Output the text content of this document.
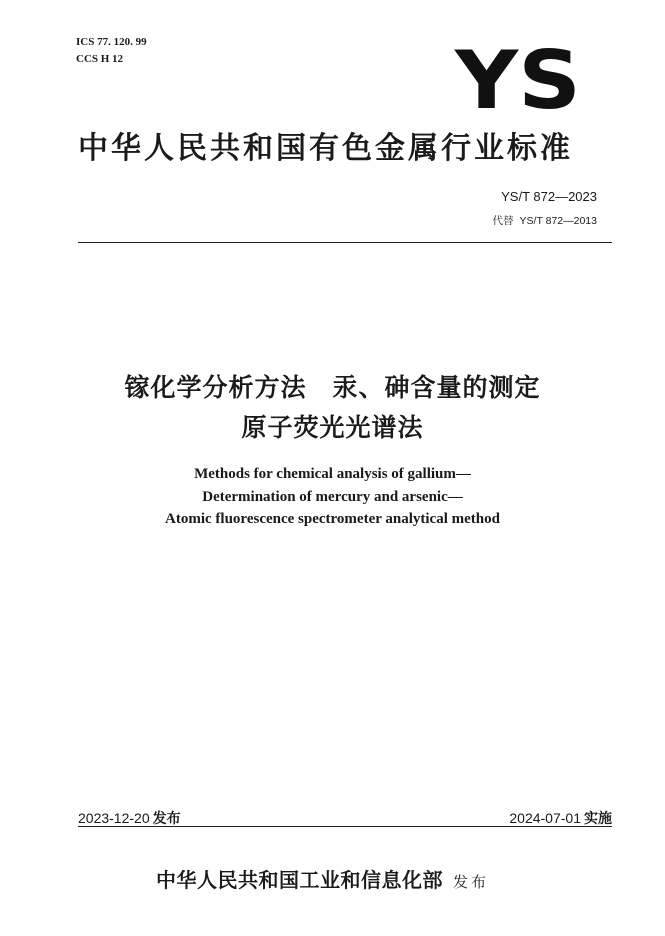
ICS 77. 120. 99
CCS H 12	YS
中华人民共和国有色金属行业标准
YS/T 872—2023
代替 YS/T 872—2013
镓化学分析方法　汞、砷含量的测定
原子荧光光谱法
Methods for chemical analysis of gallium—
Determination of mercury and arsenic—
Atomic fluorescence spectrometer analytical method
2023-12-20 发布	2024-07-01 实施
中华人民共和国工业和信息化部 发布
